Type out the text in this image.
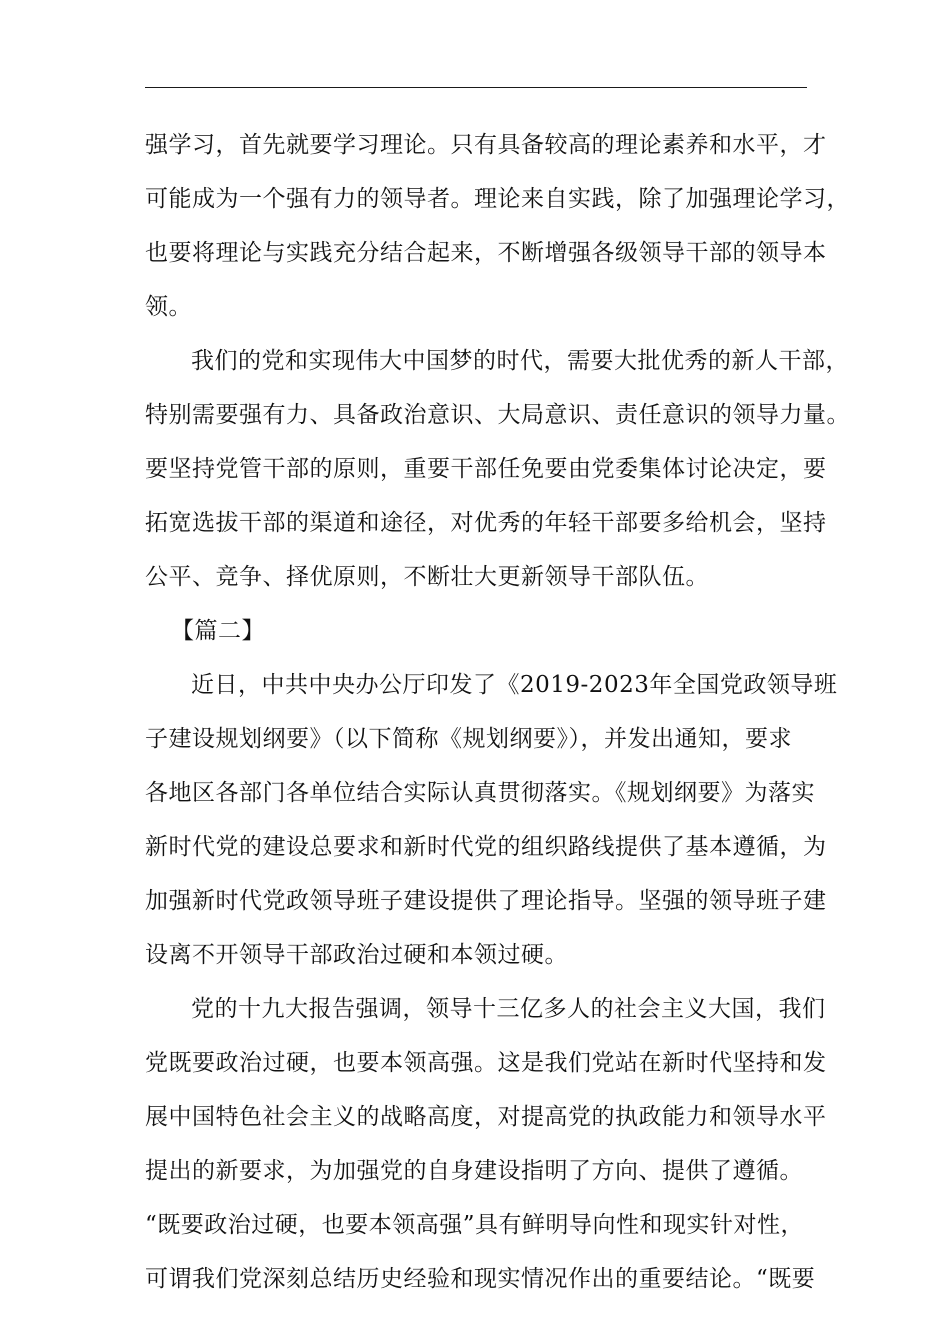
强学习，首先就要学习理论。只有具备较高的理论素养和水平，才
可能成为一个强有力的领导者。理论来自实践，除了加强理论学习，
也要将理论与实践充分结合起来，不断增强各级领导干部的领导本
领。
我们的党和实现伟大中国梦的时代，需要大批优秀的新人干部，
特别需要强有力、具备政治意识、大局意识、责任意识的领导力量。
要坚持党管干部的原则，重要干部任免要由党委集体讨论决定，要
拓宽选拔干部的渠道和途径，对优秀的年轻干部要多给机会，坚持
公平、竞争、择优原则，不断壮大更新领导干部队伍。
【篇二】
近日，中共中央办公厅印发了《2019-2023年全国党政领导班
子建设规划纲要》（以下简称《规划纲要》），并发出通知，要求
各地区各部门各单位结合实际认真贯彻落实。《规划纲要》为落实
新时代党的建设总要求和新时代党的组织路线提供了基本遵循，为
加强新时代党政领导班子建设提供了理论指导。坚强的领导班子建
设离不开领导干部政治过硬和本领过硬。
党的十九大报告强调，领导十三亿多人的社会主义大国，我们
党既要政治过硬，也要本领高强。这是我们党站在新时代坚持和发
展中国特色社会主义的战略高度，对提高党的执政能力和领导水平
提出的新要求，为加强党的自身建设指明了方向、提供了遵循。
“既要政治过硬，也要本领高强”具有鲜明导向性和现实针对性，
可谓我们党深刻总结历史经验和现实情况作出的重要结论。“既要
